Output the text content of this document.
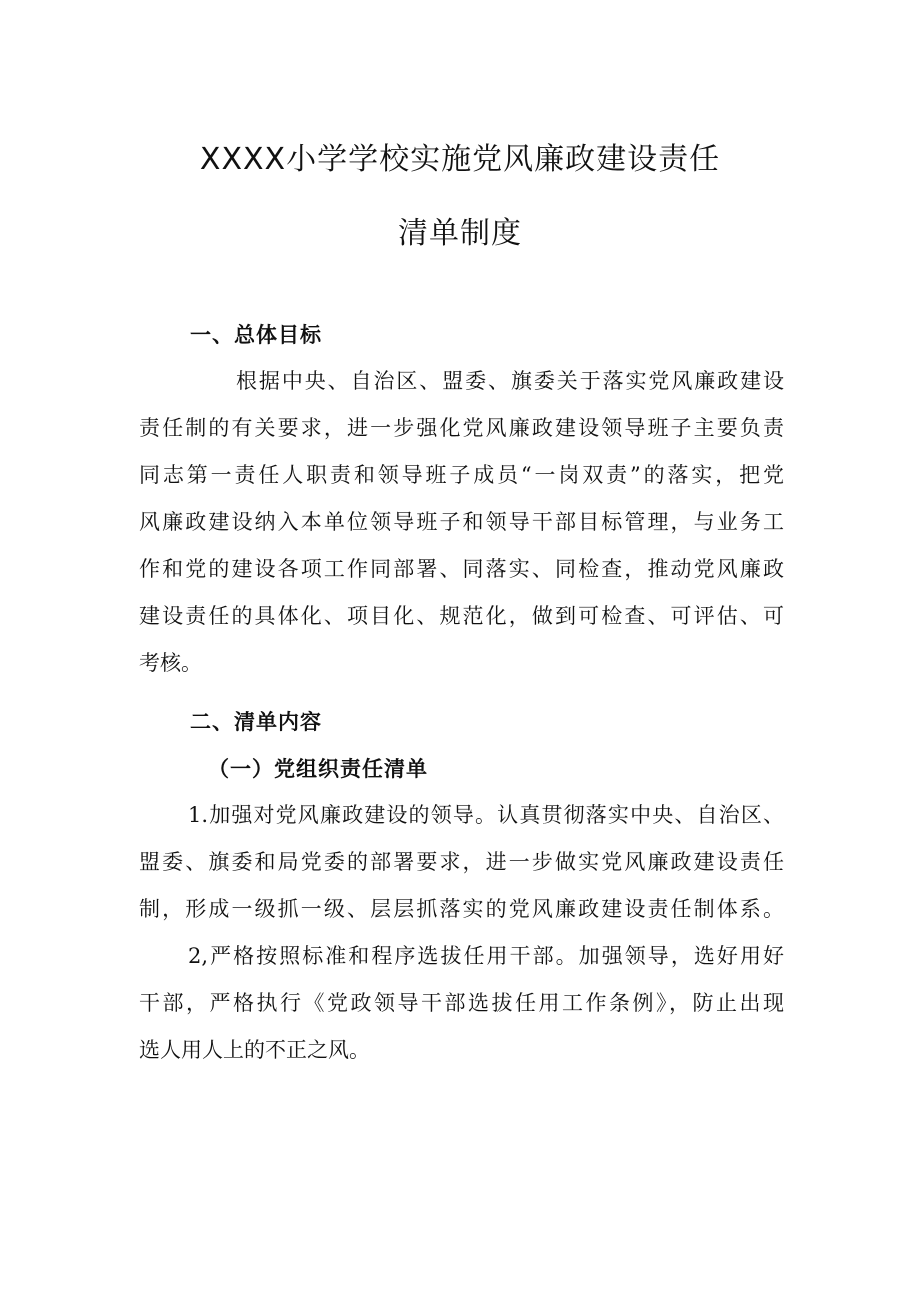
XXXX小学学校实施党风廉政建设责任
清单制度
一、总体目标
根据中央、自治区、盟委、旗委关于落实党风廉政建设
责任制的有关要求，进一步强化党风廉政建设领导班子主要负责
同志第一责任人职责和领导班子成员“一岗双责”的落实，把党
风廉政建设纳入本单位领导班子和领导干部目标管理，与业务工
作和党的建设各项工作同部署、同落实、同检查，推动党风廉政
建设责任的具体化、项目化、规范化，做到可检查、可评估、可
考核。
二、清单内容
（一）党组织责任清单
1.加强对党风廉政建设的领导。认真贯彻落实中央、自治区、
盟委、旗委和局党委的部署要求，进一步做实党风廉政建设责任
制，形成一级抓一级、层层抓落实的党风廉政建设责任制体系。
2,严格按照标准和程序选拔任用干部。加强领导，选好用好
干部，严格执行《党政领导干部选拔任用工作条例》，防止出现
选人用人上的不正之风。
